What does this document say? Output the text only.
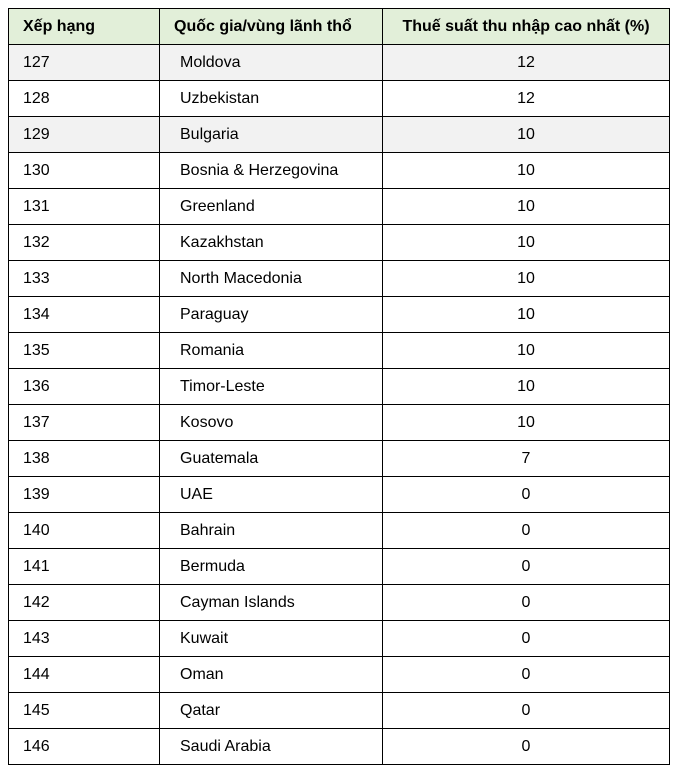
Xếp hạng	Quốc gia/vùng lãnh thổ	Thuế suất thu nhập cao nhất (%)
127	Moldova	12
128	Uzbekistan	12
129	Bulgaria	10
130	Bosnia & Herzegovina	10
131	Greenland	10
132	Kazakhstan	10
133	North Macedonia	10
134	Paraguay	10
135	Romania	10
136	Timor-Leste	10
137	Kosovo	10
138	Guatemala	7
139	UAE	0
140	Bahrain	0
141	Bermuda	0
142	Cayman Islands	0
143	Kuwait	0
144	Oman	0
145	Qatar	0
146	Saudi Arabia	0
